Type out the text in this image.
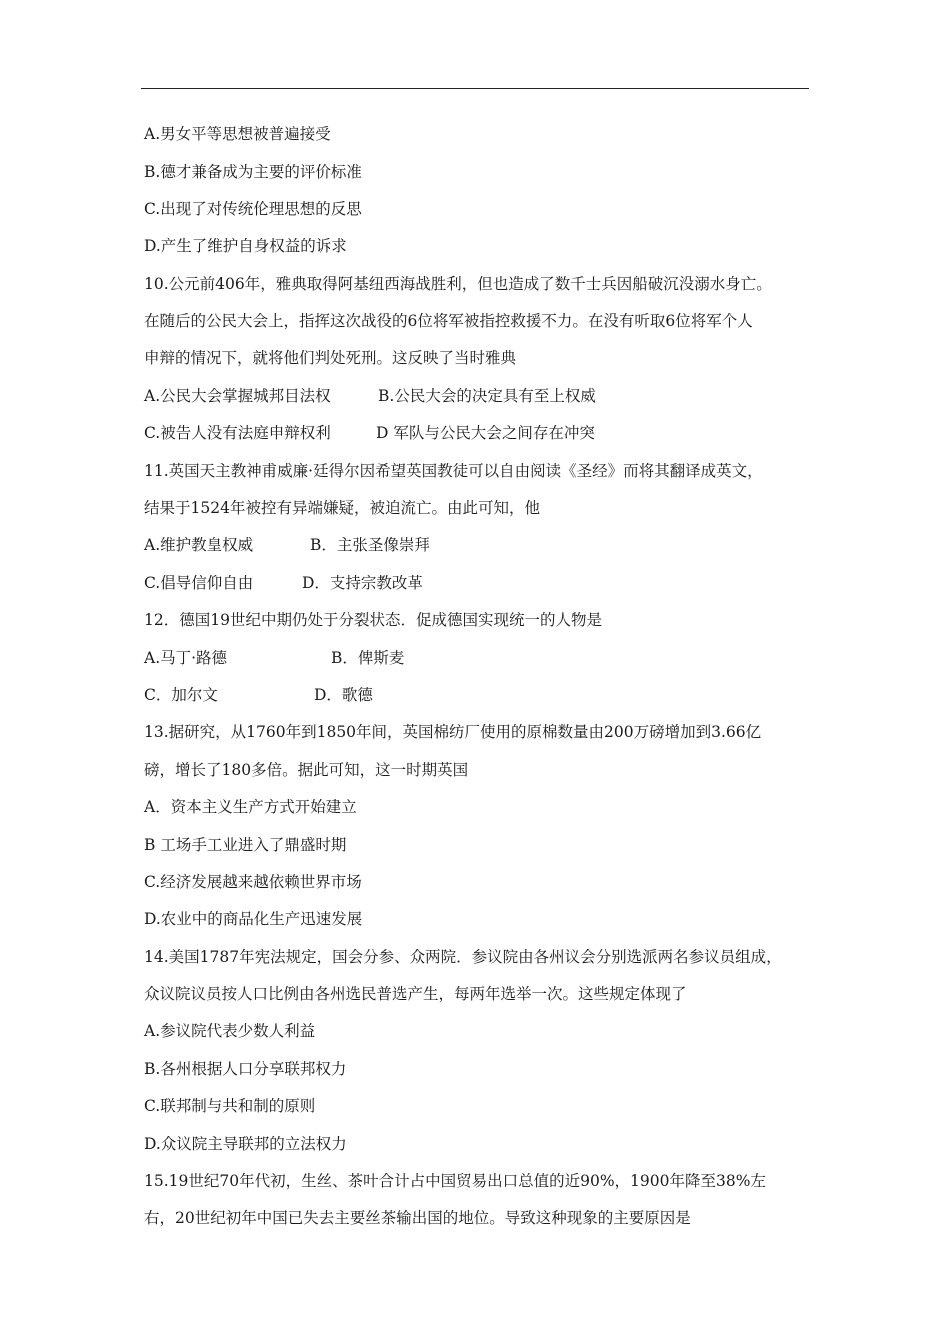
A.男女平等思想被普遍接受
B.德才兼备成为主要的评价标准
C.出现了对传统伦理思想的反思
D.产生了维护自身权益的诉求
10.公元前406年，雅典取得阿基纽西海战胜利，但也造成了数千士兵因船破沉没溺水身亡。
在随后的公民大会上，指挥这次战役的6位将军被指控救援不力。在没有听取6位将军个人
申辩的情况下，就将他们判处死刑。这反映了当时雅典
A.公民大会掌握城邦目法权	B.公民大会的决定具有至上权威
C.被告人没有法庭申辩权利	D 军队与公民大会之间存在冲突
11.英国天主教神甫威廉·廷得尔因希望英国教徒可以自由阅读《圣经》而将其翻译成英文，
结果于1524年被控有异端嫌疑，被迫流亡。由此可知，他
A.维护教皇权威	B．主张圣像崇拜
C.倡导信仰自由	D．支持宗教改革
12．德国19世纪中期仍处于分裂状态．促成德国实现统一的人物是
A.马丁·路德	B．俾斯麦
C．加尔文	D．歌德
13.据研究，从1760年到1850年间，英国棉纺厂使用的原棉数量由200万磅增加到3.66亿
磅，增长了180多倍。据此可知，这一时期英国
A．资本主义生产方式开始建立
B 工场手工业进入了鼎盛时期
C.经济发展越来越依赖世界市场
D.农业中的商品化生产迅速发展
14.美国1787年宪法规定，国会分参、众两院．参议院由各州议会分别选派两名参议员组成，
众议院议员按人口比例由各州选民普选产生，每两年选举一次。这些规定体现了
A.参议院代表少数人利益
B.各州根据人口分享联邦权力
C.联邦制与共和制的原则
D.众议院主导联邦的立法权力
15.19世纪70年代初，生丝、茶叶合计占中国贸易出口总值的近90%，1900年降至38%左
右，20世纪初年中国已失去主要丝茶输出国的地位。导致这种现象的主要原因是
